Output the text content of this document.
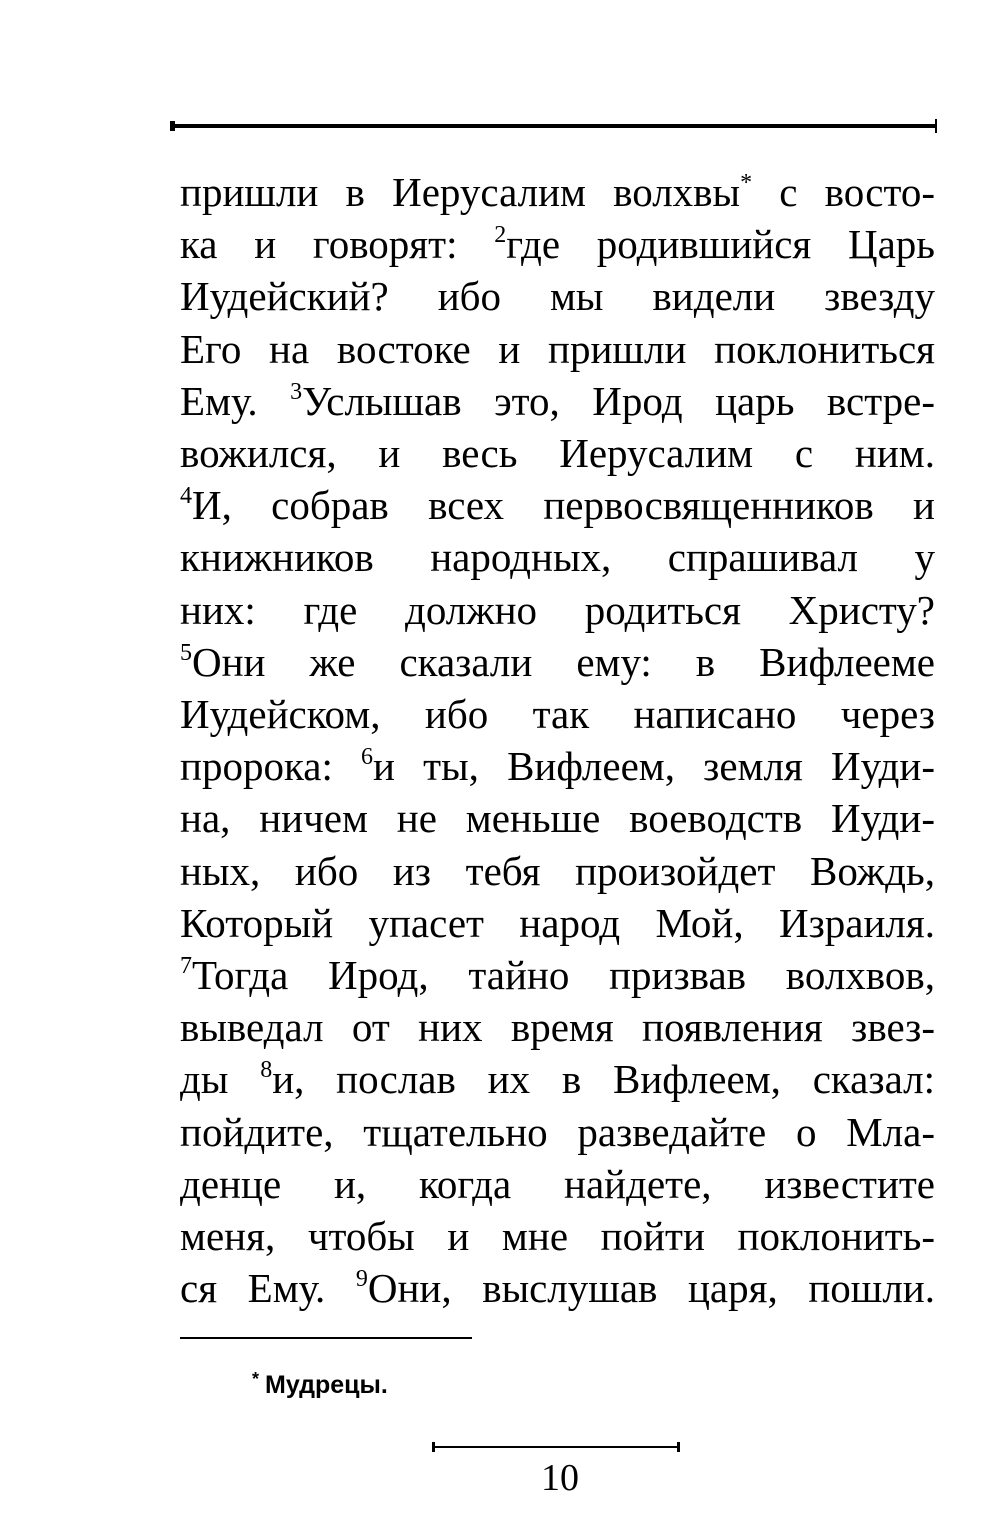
пришли в Иерусалим волхвы* с восто-
ка и говорят: $^2$где родившийся Царь
Иудейский? ибо мы видели звезду
Его на востоке и пришли поклониться
Ему. $^3$Услышав это, Ирод царь встре-
вожился, и весь Иерусалим с ним.
$^4$И, собрав всех первосвященников и
книжников народных, спрашивал у
них: где должно родиться Христу?
$^5$Они же сказали ему: в Вифлееме
Иудейском, ибо так написано через
пророка: $^6$и ты, Вифлеем, земля Иуди-
на, ничем не меньше воеводств Иуди-
ных, ибо из тебя произойдет Вождь,
Который упасет народ Мой, Израиля.
$^7$Тогда Ирод, тайно призвав волхвов,
выведал от них время появления звез-
ды $^8$и, послав их в Вифлеем, сказал:
пойдите, тщательно разведайте о Мла-
денце и, когда найдете, известите
меня, чтобы и мне пойти поклонить-
ся Ему. $^9$Они, выслушав царя, пошли.
* Мудрецы.
10
